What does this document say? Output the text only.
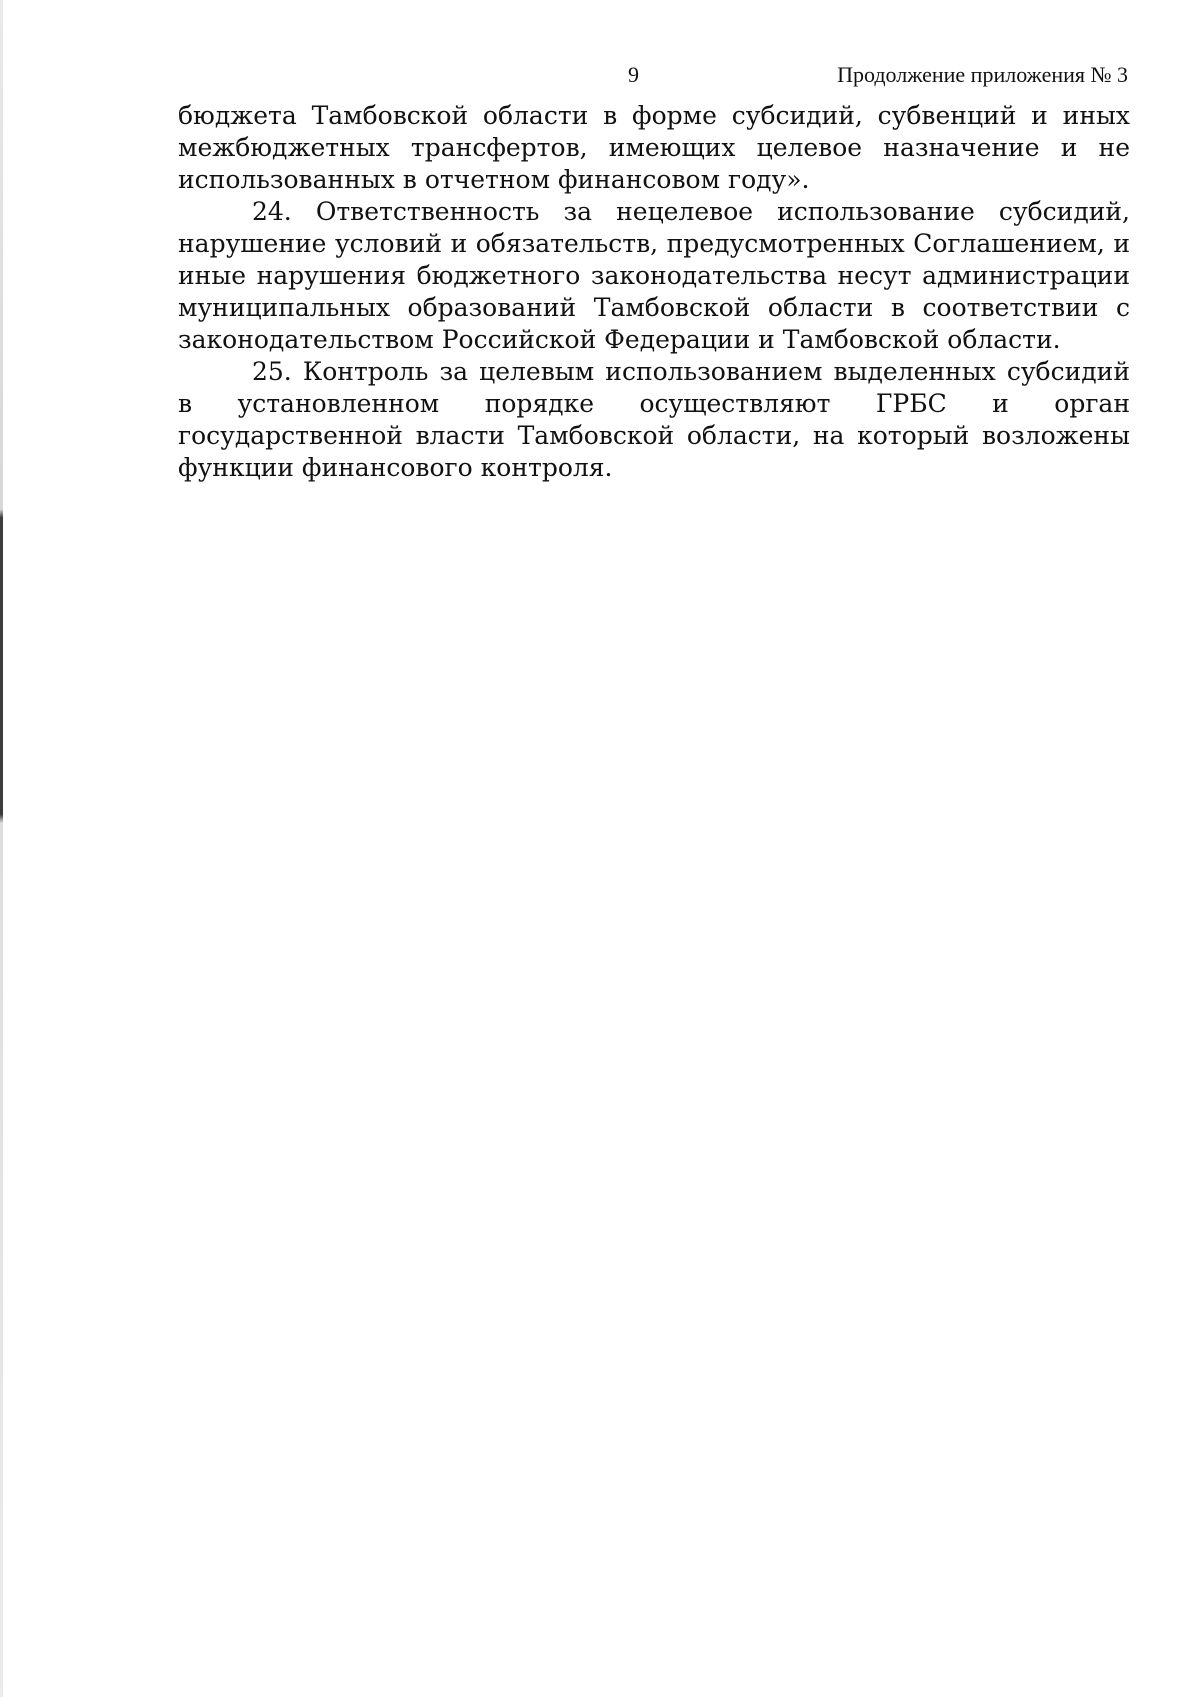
9	Продолжение приложения № 3

бюджета Тамбовской области в форме субсидий, субвенций и иных межбюджетных трансфертов, имеющих целевое назначение и не использованных в отчетном финансовом году».

24. Ответственность за нецелевое использование субсидий, нарушение условий и обязательств, предусмотренных Соглашением, и иные нарушения бюджетного законодательства несут администрации муниципальных образований Тамбовской области в соответствии с законодательством Российской Федерации и Тамбовской области.

25. Контроль за целевым использованием выделенных субсидий в установленном порядке осуществляют ГРБС и орган государственной власти Тамбовской области, на который возложены функции финансового контроля.
